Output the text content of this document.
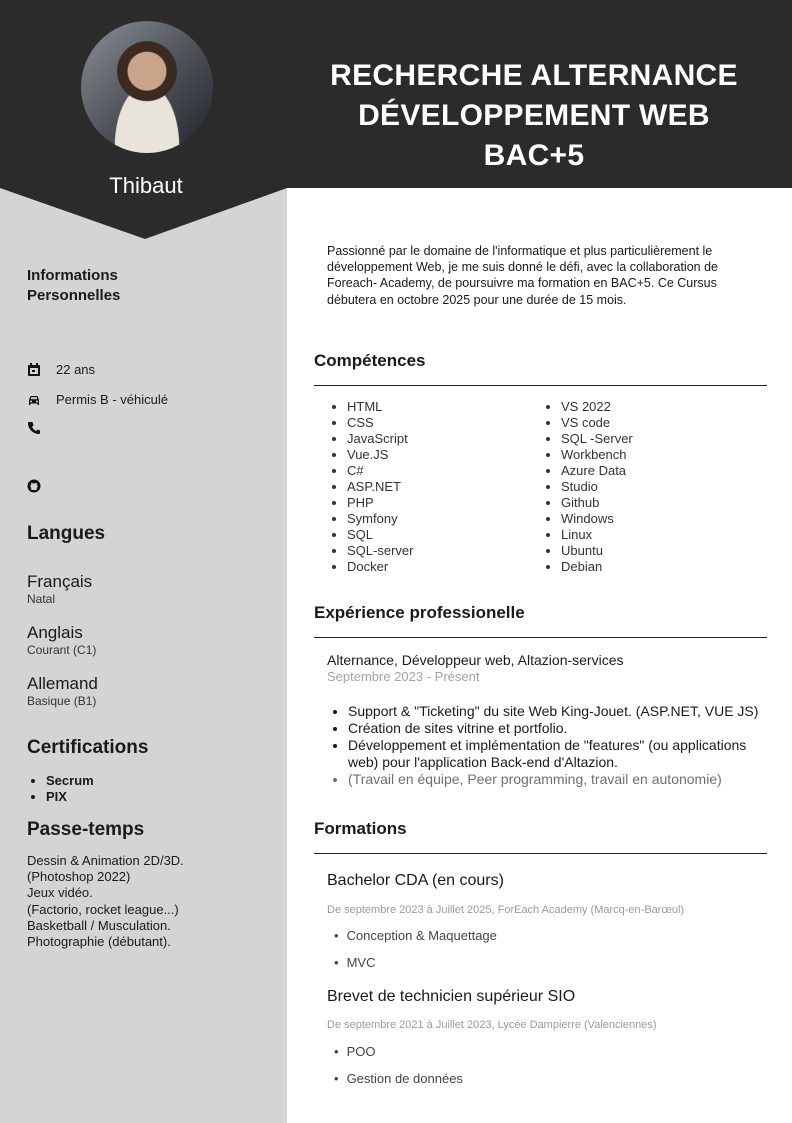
Thibaut
RECHERCHE ALTERNANCE
DÉVELOPPEMENT WEB
BAC+5
Informations
Personnelles
22 ans
Permis B - véhiculé
Langues
Français
Natal
Anglais
Courant (C1)
Allemand
Basique (B1)
Certifications
• Secrum
• PIX
Passe-temps
Dessin & Animation 2D/3D.
(Photoshop 2022)
Jeux vidéo.
(Factorio, rocket league...)
Basketball / Musculation.
Photographie (débutant).
Passionné par le domaine de l'informatique et plus particulièrement le développement Web, je me suis donné le défi, avec la collaboration de Foreach- Academy, de poursuivre ma formation en BAC+5. Ce Cursus débutera en octobre 2025 pour une durée de 15 mois.
Compétences
• HTML
• CSS
• JavaScript
• Vue.JS
• C#
• ASP.NET
• PHP
• Symfony
• SQL
• SQL-server
• Docker
• VS 2022
• VS code
• SQL -Server
• Workbench
• Azure Data
• Studio
• Github
• Windows
• Linux
• Ubuntu
• Debian
Expérience professionelle
Alternance, Développeur web, Altazion-services
Septembre 2023 - Présent
• Support & "Ticketing" du site Web King-Jouet. (ASP.NET, VUE JS)
• Création de sites vitrine et portfolio.
• Développement et implémentation de "features" (ou applications web) pour l'application Back-end d'Altazion.
• (Travail en équipe, Peer programming, travail en autonomie)
Formations
Bachelor CDA (en cours)
De septembre 2023 à Juillet 2025, ForEach Academy (Marcq-en-Barœul)
• Conception & Maquettage
• MVC
Brevet de technicien supérieur SIO
De septembre 2021 à Juillet 2023, Lycée Dampierre (Valenciennes)
• POO
• Gestion de données
